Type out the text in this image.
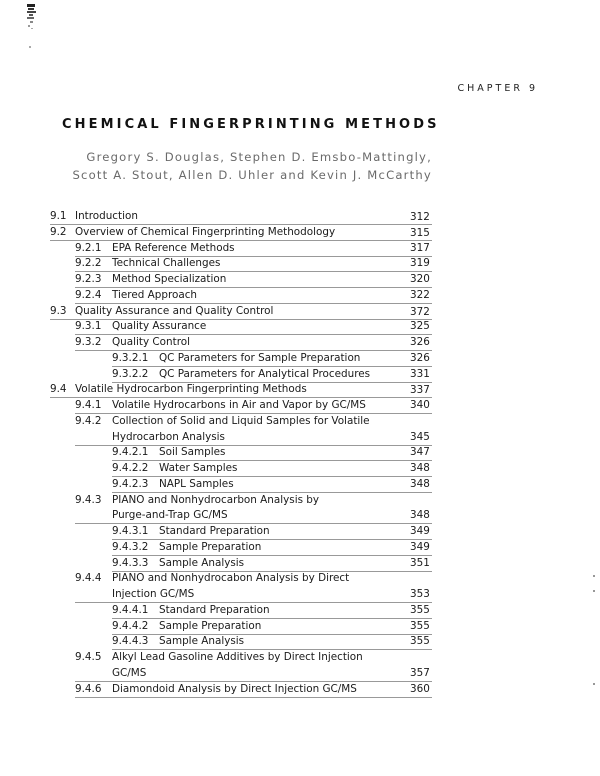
CHAPTER 9
CHEMICAL FINGERPRINTING METHODS
Gregory S. Douglas, Stephen D. Emsbo-Mattingly,
Scott A. Stout, Allen D. Uhler and Kevin J. McCarthy
9.1 Introduction	312
9.2 Overview of Chemical Fingerprinting Methodology	315
9.2.1 EPA Reference Methods	317
9.2.2 Technical Challenges	319
9.2.3 Method Specialization	320
9.2.4 Tiered Approach	322
9.3 Quality Assurance and Quality Control	372
9.3.1 Quality Assurance	325
9.3.2 Quality Control	326
9.3.2.1 QC Parameters for Sample Preparation	326
9.3.2.2 QC Parameters for Analytical Procedures	331
9.4 Volatile Hydrocarbon Fingerprinting Methods	337
9.4.1 Volatile Hydrocarbons in Air and Vapor by GC/MS	340
9.4.2 Collection of Solid and Liquid Samples for Volatile
Hydrocarbon Analysis	345
9.4.2.1 Soil Samples	347
9.4.2.2 Water Samples	348
9.4.2.3 NAPL Samples	348
9.4.3 PIANO and Nonhydrocarbon Analysis by
Purge-and-Trap GC/MS	348
9.4.3.1 Standard Preparation	349
9.4.3.2 Sample Preparation	349
9.4.3.3 Sample Analysis	351
9.4.4 PIANO and Nonhydrocabon Analysis by Direct
Injection GC/MS	353
9.4.4.1 Standard Preparation	355
9.4.4.2 Sample Preparation	355
9.4.4.3 Sample Analysis	355
9.4.5 Alkyl Lead Gasoline Additives by Direct Injection
GC/MS	357
9.4.6 Diamondoid Analysis by Direct Injection GC/MS	360
